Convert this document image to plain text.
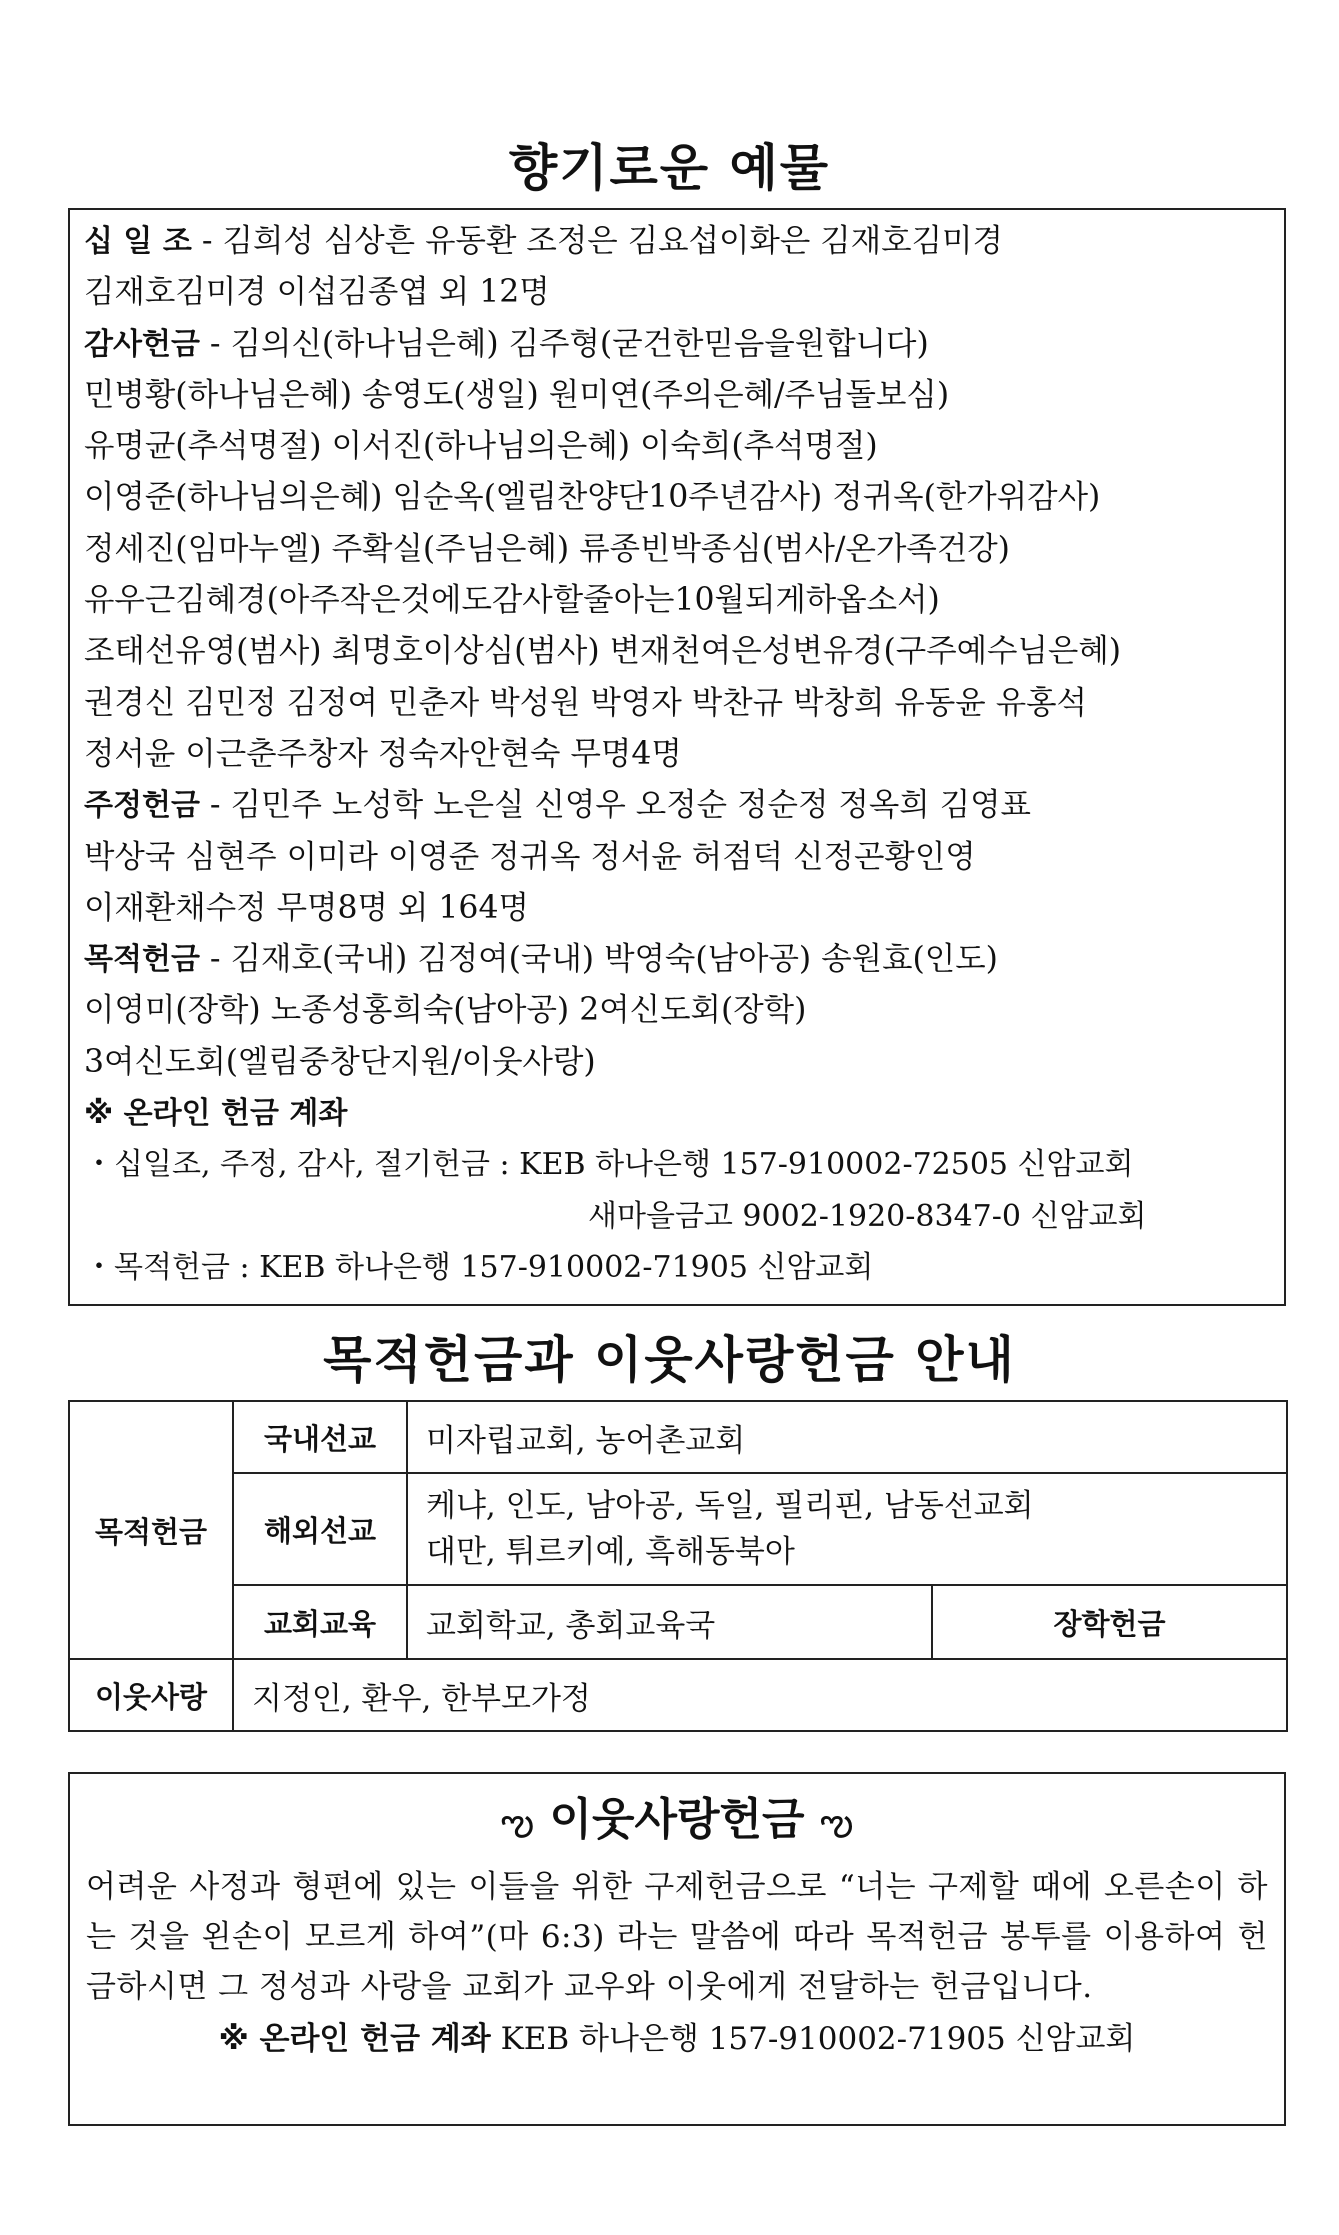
향기로운 예물
십 일 조 - 김희성 심상흔 유동환 조정은 김요섭이화은 김재호김미경
김재호김미경 이섭김종엽 외 12명
감사헌금 - 김의신(하나님은혜) 김주형(굳건한믿음을원합니다)
민병황(하나님은혜) 송영도(생일) 원미연(주의은혜/주님돌보심)
유명균(추석명절) 이서진(하나님의은혜) 이숙희(추석명절)
이영준(하나님의은혜) 임순옥(엘림찬양단10주년감사) 정귀옥(한가위감사)
정세진(임마누엘) 주확실(주님은혜) 류종빈박종심(범사/온가족건강)
유우근김혜경(아주작은것에도감사할줄아는10월되게하옵소서)
조태선유영(범사) 최명호이상심(범사) 변재천여은성변유경(구주예수님은혜)
권경신 김민정 김정여 민춘자 박성원 박영자 박찬규 박창희 유동윤 유홍석
정서윤 이근춘주창자 정숙자안현숙 무명4명
주정헌금 - 김민주 노성학 노은실 신영우 오정순 정순정 정옥희 김영표
박상국 심현주 이미라 이영준 정귀옥 정서윤 허점덕 신정곤황인영
이재환채수정 무명8명 외 164명
목적헌금 - 김재호(국내) 김정여(국내) 박영숙(남아공) 송원효(인도)
이영미(장학) 노종성홍희숙(남아공) 2여신도회(장학)
3여신도회(엘림중창단지원/이웃사랑)
※ 온라인 헌금 계좌
・십일조, 주정, 감사, 절기헌금 : KEB 하나은행 157-910002-72505 신암교회
새마을금고 9002-1920-8347-0 신암교회
・목적헌금 : KEB 하나은행 157-910002-71905 신암교회
목적헌금과 이웃사랑헌금 안내
목적헌금	국내선교	미자립교회, 농어촌교회	
	해외선교	케냐, 인도, 남아공, 독일, 필리핀, 남동선교회
대만, 튀르키예, 흑해동북아	

	교회교육	교회학교, 총회교육국	장학헌금
이웃사랑	지정인, 환우, 한부모가정		
ఌ 이웃사랑헌금 ఌ
어려운 사정과 형편에 있는 이들을 위한 구제헌금으로 “너는 구제할 때에 오른손이 하는 것을 왼손이 모르게 하여”(마 6:3) 라는 말씀에 따라 목적헌금 봉투를 이용하여 헌금하시면 그 정성과 사랑을 교회가 교우와 이웃에게 전달하는 헌금입니다.
※ 온라인 헌금 계좌 KEB 하나은행 157-910002-71905 신암교회
